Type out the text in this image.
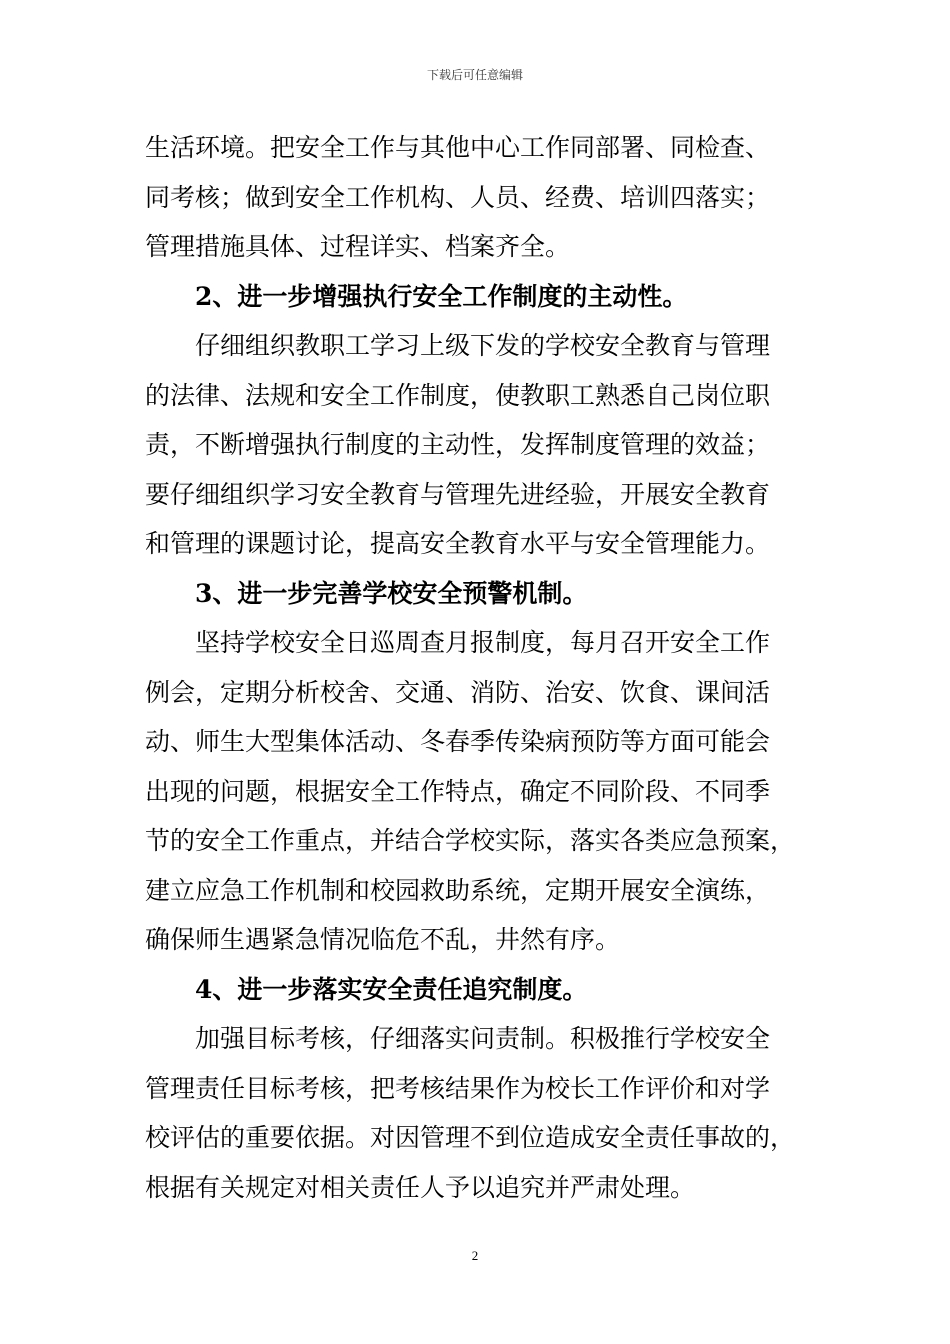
下载后可任意编辑
生活环境。把安全工作与其他中心工作同部署、同检查、
同考核；做到安全工作机构、人员、经费、培训四落实；
管理措施具体、过程详实、档案齐全。
2、进一步增强执行安全工作制度的主动性。
仔细组织教职工学习上级下发的学校安全教育与管理
的法律、法规和安全工作制度，使教职工熟悉自己岗位职
责，不断增强执行制度的主动性，发挥制度管理的效益；
要仔细组织学习安全教育与管理先进经验，开展安全教育
和管理的课题讨论，提高安全教育水平与安全管理能力。
3、进一步完善学校安全预警机制。
坚持学校安全日巡周查月报制度，每月召开安全工作
例会，定期分析校舍、交通、消防、治安、饮食、课间活
动、师生大型集体活动、冬春季传染病预防等方面可能会
出现的问题，根据安全工作特点，确定不同阶段、不同季
节的安全工作重点，并结合学校实际，落实各类应急预案，
建立应急工作机制和校园救助系统，定期开展安全演练，
确保师生遇紧急情况临危不乱，井然有序。
4、进一步落实安全责任追究制度。
加强目标考核，仔细落实问责制。积极推行学校安全
管理责任目标考核，把考核结果作为校长工作评价和对学
校评估的重要依据。对因管理不到位造成安全责任事故的，
根据有关规定对相关责任人予以追究并严肃处理。
2
